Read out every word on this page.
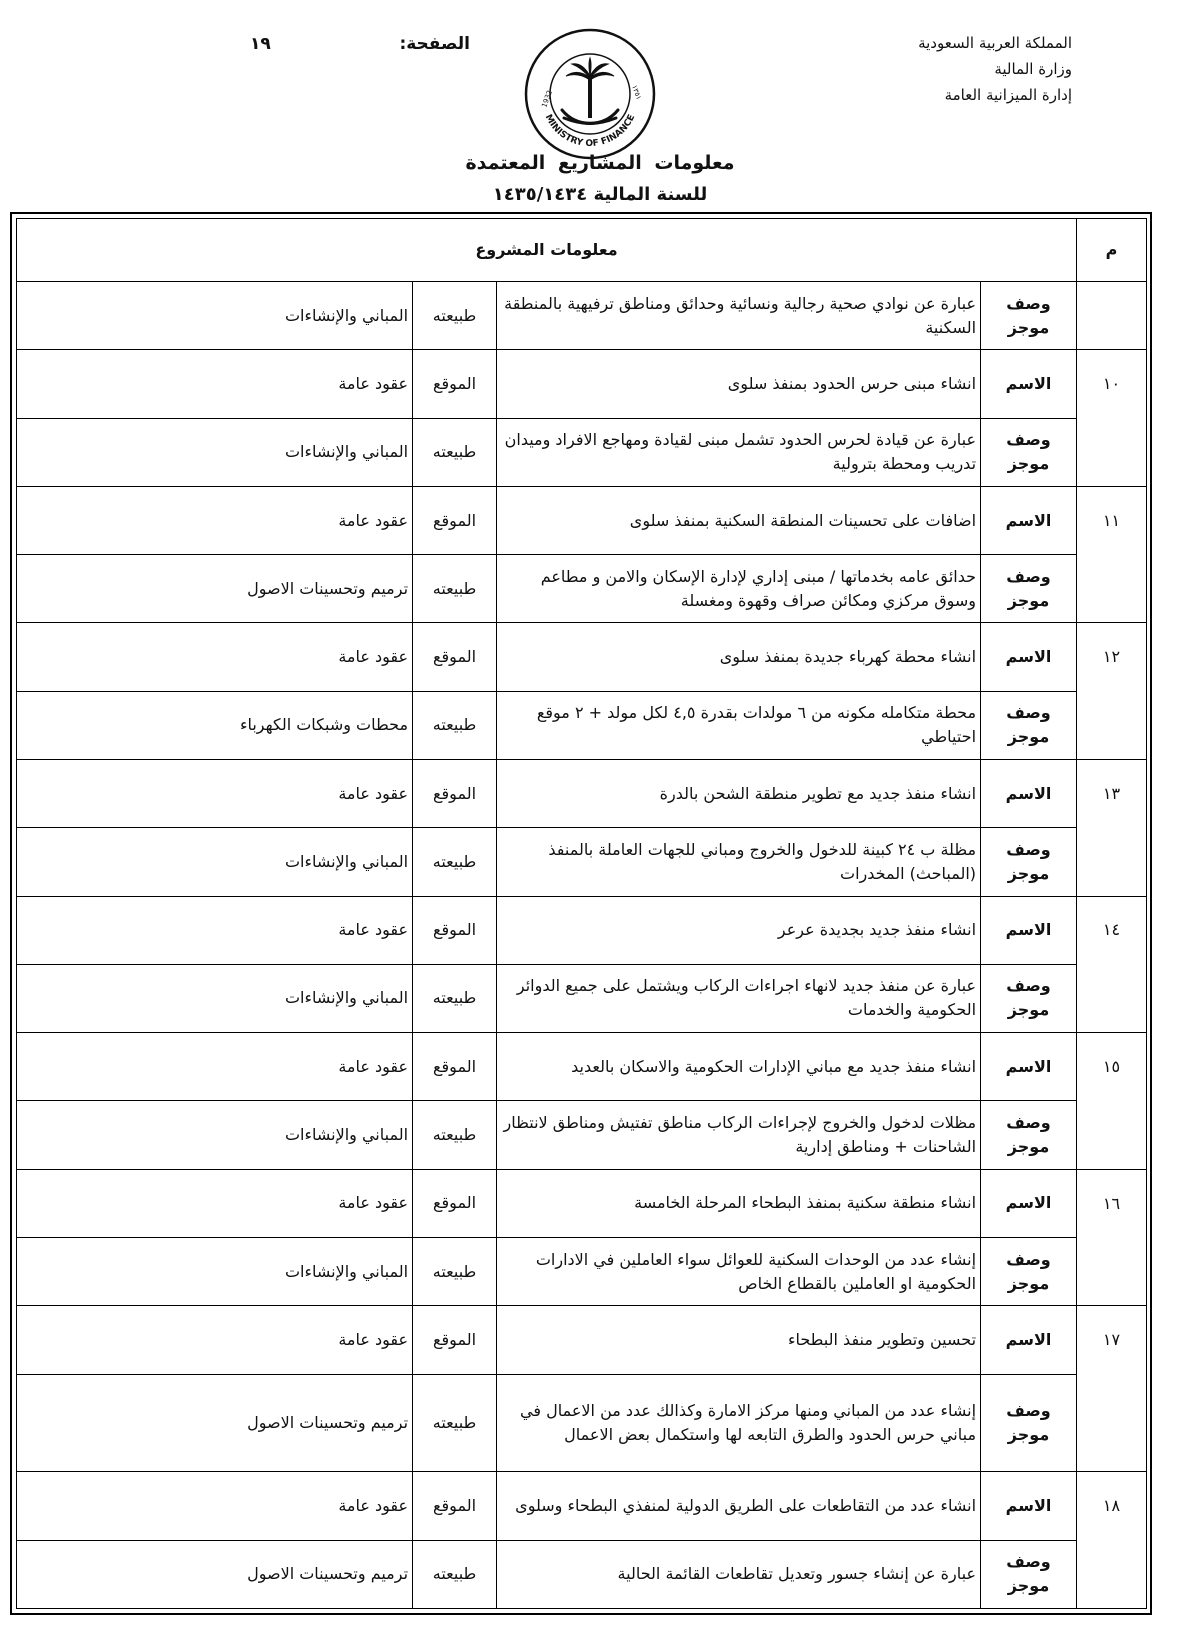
المملكة العربية السعودية
وزارة المالية
إدارة الميزانية العامة
الصفحة:
١٩
MINISTRY OF FINANCE
1932	١٣٥١
معلومات المشاريع المعتمدة
للسنة المالية ١٤٣٥/١٤٣٤
م	معلومات المشروع			
	وصف موجز	عبارة عن نوادي صحية رجالية ونسائية وحدائق ومناطق ترفيهية بالمنطقة السكنية	طبيعته	المباني والإنشاءات
١٠	الاسم	انشاء مبنى حرس الحدود بمنفذ سلوى	الموقع	عقود عامة
	وصف موجز	عبارة عن قيادة لحرس الحدود تشمل مبنى لقيادة ومهاجع الافراد وميدان تدريب ومحطة بترولية	طبيعته	المباني والإنشاءات
١١	الاسم	اضافات على تحسينات المنطقة السكنية بمنفذ سلوى	الموقع	عقود عامة
	وصف موجز	حدائق عامه بخدماتها / مبنى إداري لإدارة الإسكان والامن و مطاعم وسوق مركزي ومكائن صراف وقهوة ومغسلة	طبيعته	ترميم وتحسينات الاصول
١٢	الاسم	انشاء محطة كهرباء جديدة بمنفذ سلوى	الموقع	عقود عامة
	وصف موجز	محطة متكامله مكونه من ٦ مولدات بقدرة ٤,٥ لكل مولد + ٢ موقع احتياطي	طبيعته	محطات وشبكات الكهرباء
١٣	الاسم	انشاء منفذ جديد مع تطوير منطقة الشحن بالدرة	الموقع	عقود عامة
	وصف موجز	مظلة ب ٢٤ كبينة للدخول والخروج ومباني للجهات العاملة بالمنفذ (المباحث) المخدرات	طبيعته	المباني والإنشاءات
١٤	الاسم	انشاء منفذ جديد بجديدة عرعر	الموقع	عقود عامة
	وصف موجز	عبارة عن منفذ جديد لانهاء اجراءات الركاب ويشتمل على جميع الدوائر الحكومية والخدمات	طبيعته	المباني والإنشاءات
١٥	الاسم	انشاء منفذ جديد مع مباني الإدارات الحكومية والاسكان بالعديد	الموقع	عقود عامة
	وصف موجز	مظلات لدخول والخروج لإجراءات الركاب مناطق تفتيش ومناطق لانتظار الشاحنات + ومناطق إدارية	طبيعته	المباني والإنشاءات
١٦	الاسم	انشاء منطقة سكنية بمنفذ البطحاء المرحلة الخامسة	الموقع	عقود عامة
	وصف موجز	إنشاء عدد من الوحدات السكنية للعوائل سواء العاملين في الادارات الحكومية او العاملين بالقطاع الخاص	طبيعته	المباني والإنشاءات
١٧	الاسم	تحسين وتطوير منفذ البطحاء	الموقع	عقود عامة
	وصف موجز	إنشاء عدد من المباني ومنها مركز الامارة وكذالك عدد من الاعمال في مباني حرس الحدود والطرق التابعه لها واستكمال بعض الاعمال	طبيعته	ترميم وتحسينات الاصول
١٨	الاسم	انشاء عدد من التقاطعات على الطريق الدولية لمنفذي البطحاء وسلوى	الموقع	عقود عامة
	وصف موجز	عبارة عن إنشاء جسور وتعديل تقاطعات القائمة الحالية	طبيعته	ترميم وتحسينات الاصول
